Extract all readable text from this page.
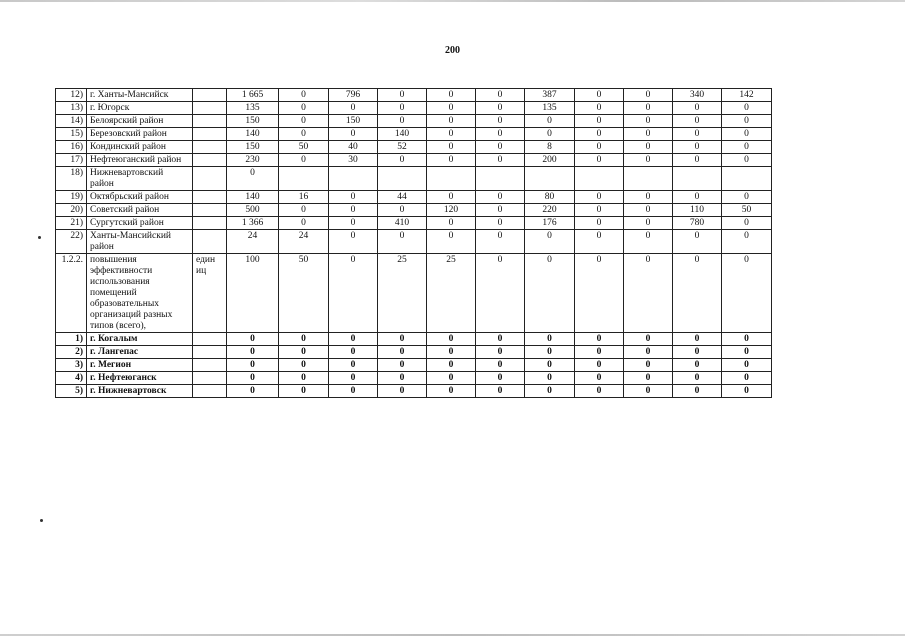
200
12)	г. Ханты-Мансийск		1 665	0	796	0	0	0	387	0	0	340	142
13)	г. Югорск		135	0	0	0	0	0	135	0	0	0	0
14)	Белоярский район		150	0	150	0	0	0	0	0	0	0	0
15)	Березовский район		140	0	0	140	0	0	0	0	0	0	0
16)	Кондинский район		150	50	40	52	0	0	8	0	0	0	0
17)	Нефтеюганский район		230	0	30	0	0	0	200	0	0	0	0
18)	Нижневартовский район		0										
19)	Октябрьский район		140	16	0	44	0	0	80	0	0	0	0
20)	Советский район		500	0	0	0	120	0	220	0	0	110	50
21)	Сургутский район		1 366	0	0	410	0	0	176	0	0	780	0
22)	Ханты-Мансийский район		24	24	0	0	0	0	0	0	0	0	0
1.2.2.	повышения эффективности использования помещений образовательных организаций разных типов (всего),	един иц	100	50	0	25	25	0	0	0	0	0	0
1)	г. Когалым		0	0	0	0	0	0	0	0	0	0	0
2)	г. Лангепас		0	0	0	0	0	0	0	0	0	0	0
3)	г. Мегион		0	0	0	0	0	0	0	0	0	0	0
4)	г. Нефтеюганск		0	0	0	0	0	0	0	0	0	0	0
5)	г. Нижневартовск		0	0	0	0	0	0	0	0	0	0	0
